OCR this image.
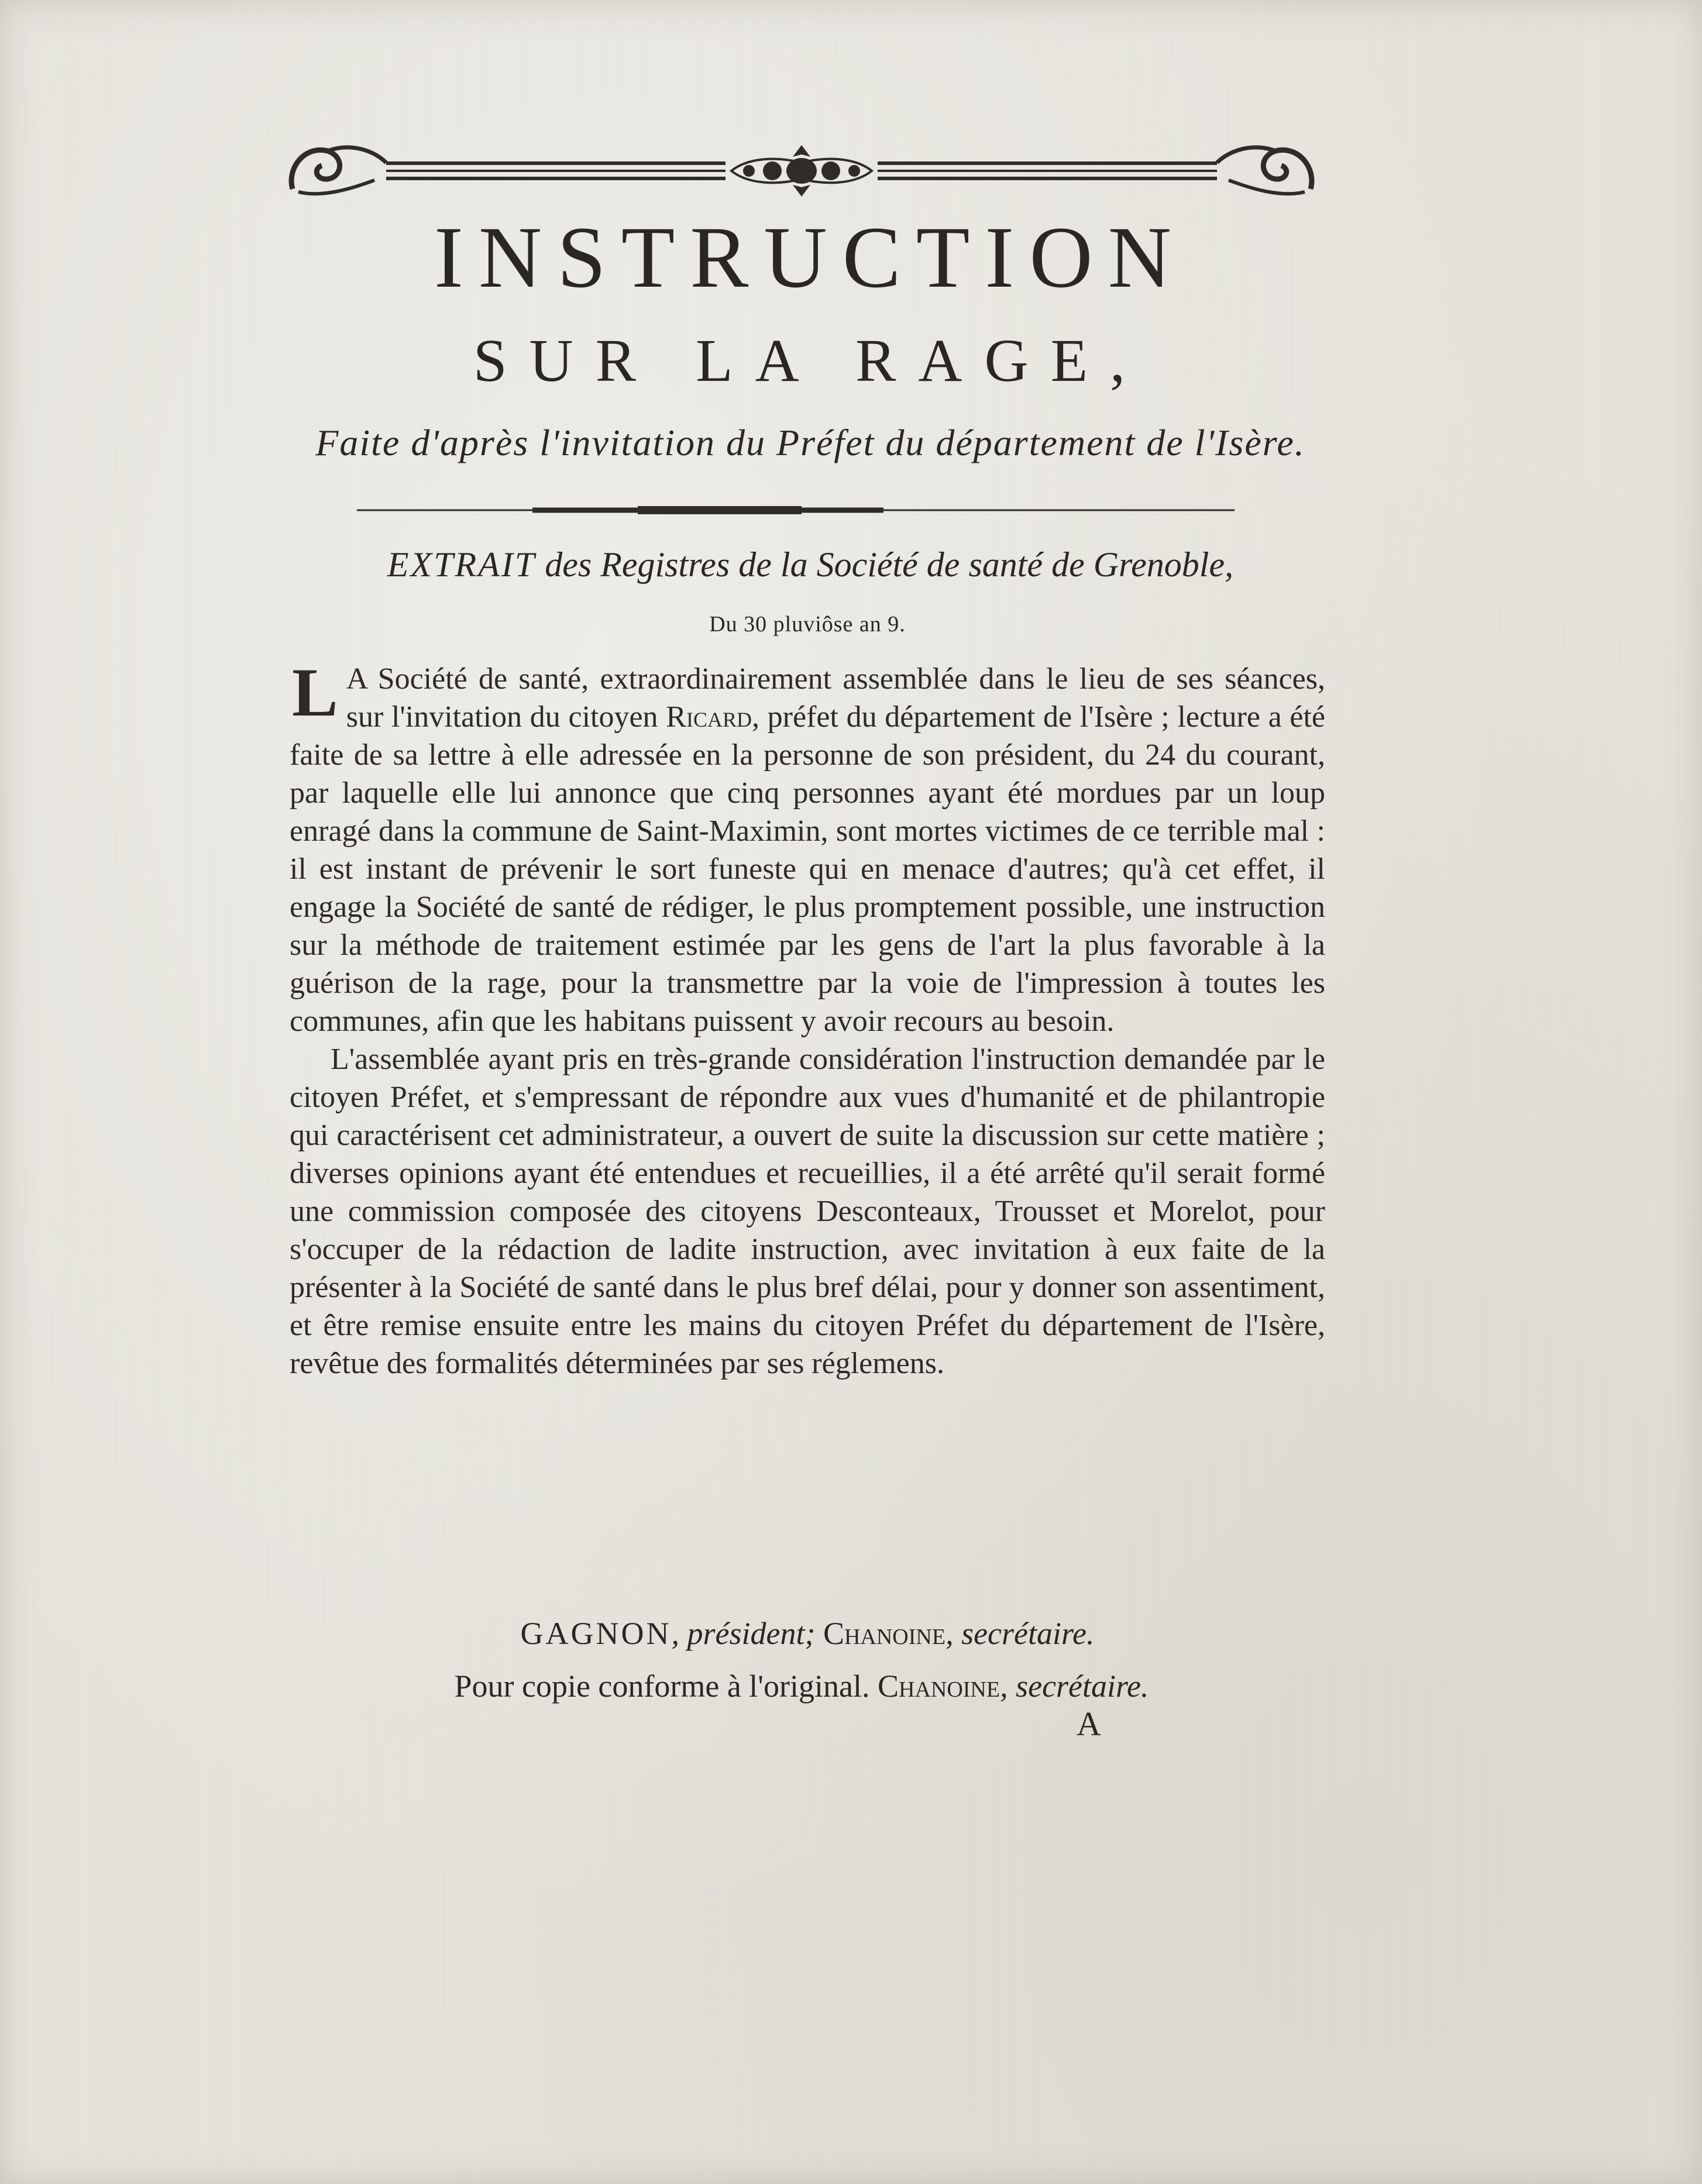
INSTRUCTION
SUR LA RAGE,
Faite d'après l'invitation du Préfet du département de l'Isère.
EXTRAIT des Registres de la Société de santé de Grenoble,
Du 30 pluviôse an 9.

L A Société de santé, extraordinairement assemblée dans le lieu de ses séances, sur l'invitation du citoyen Ricard, préfet du département de l'Isère ; lecture a été faite de sa lettre à elle adressée en la personne de son président, du 24 du courant, par laquelle elle lui annonce que cinq personnes ayant été mordues par un loup enragé dans la commune de Saint-Maximin, sont mortes victimes de ce terrible mal : il est instant de prévenir le sort funeste qui en menace d'autres; qu'à cet effet, il engage la Société de santé de rédiger, le plus promptement possible, une instruction sur la méthode de traitement estimée par les gens de l'art la plus favorable à la guérison de la rage, pour la transmettre par la voie de l'impression à toutes les communes, afin que les habitans puissent y avoir recours au besoin.

L'assemblée ayant pris en très-grande considération l'instruction demandée par le citoyen Préfet, et s'empressant de répondre aux vues d'humanité et de philantropie qui caractérisent cet administrateur, a ouvert de suite la discussion sur cette matière ; diverses opinions ayant été entendues et recueillies, il a été arrêté qu'il serait formé une commission composée des citoyens Desconteaux, Trousset et Morelot, pour s'occuper de la rédaction de ladite instruction, avec invitation à eux faite de la présenter à la Société de santé dans le plus bref délai, pour y donner son assentiment, et être remise ensuite entre les mains du citoyen Préfet du département de l'Isère, revêtue des formalités déterminées par ses réglemens.

GAGNON, président; Chanoine, secrétaire.
Pour copie conforme à l'original. Chanoine, secrétaire.
A
